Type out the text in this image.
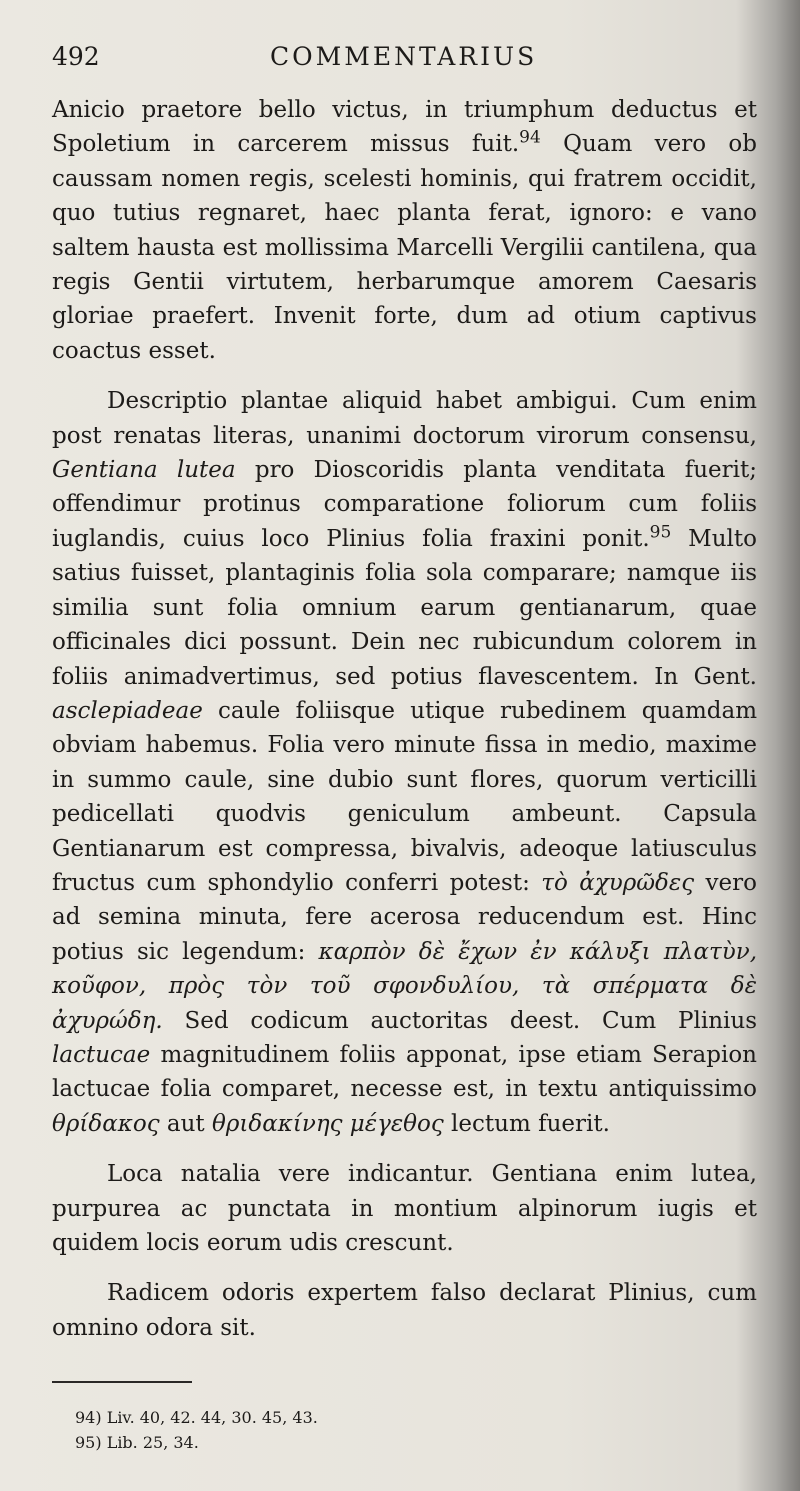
492	COMMENTARIUS

Anicio praetore bello victus, in triumphum deductus et Spoletium in carcerem missus fuit.$^{94}$ Quam vero ob caussam nomen regis, scelesti hominis, qui fratrem occidit, quo tutius regnaret, haec planta ferat, ignoro: e vano saltem hausta est mollissima Marcelli Vergilii cantilena, qua regis Gentii virtutem, herbarumque amorem Caesaris gloriae praefert. Invenit forte, dum ad otium captivus coactus esset.

Descriptio plantae aliquid habet ambigui. Cum enim post renatas literas, unanimi doctorum virorum consensu, Gentiana lutea pro Dioscoridis planta venditata fuerit; offendimur protinus comparatione foliorum cum foliis iuglandis, cuius loco Plinius folia fraxini ponit.$^{95}$ Multo satius fuisset, plantaginis folia sola comparare; namque iis similia sunt folia omnium earum gentianarum, quae officinales dici possunt. Dein nec rubicundum colorem in foliis animadvertimus, sed potius flavescentem. In Gent. asclepiadeae caule foliisque utique rubedinem quamdam obviam habemus. Folia vero minute fissa in medio, maxime in summo caule, sine dubio sunt flores, quorum verticilli pedicellati quodvis geniculum ambeunt. Capsula Gentianarum est compressa, bivalvis, adeoque latiusculus fructus cum sphondylio conferri potest: τὸ ἀχυρῶδες vero ad semina minuta, fere acerosa reducendum est. Hinc potius sic legendum: καρπὸν δὲ ἔχων ἐν κάλυξι πλατὺν, κοῦφον, πρὸς τὸν τοῦ σφονδυλίου, τὰ σπέρματα δὲ ἀχυρώδη. Sed codicum auctoritas deest. Cum Plinius lactucae magnitudinem foliis apponat, ipse etiam Serapion lactucae folia comparet, necesse est, in textu antiquissimo θρίδακος aut θριδακίνης μέγεθος lectum fuerit.

Loca natalia vere indicantur. Gentiana enim lutea, purpurea ac punctata in montium alpinorum iugis et quidem locis eorum udis crescunt.

Radicem odoris expertem falso declarat Plinius, cum omnino odora sit.

94) Liv. 40, 42. 44, 30. 45, 43.
95) Lib. 25, 34.
